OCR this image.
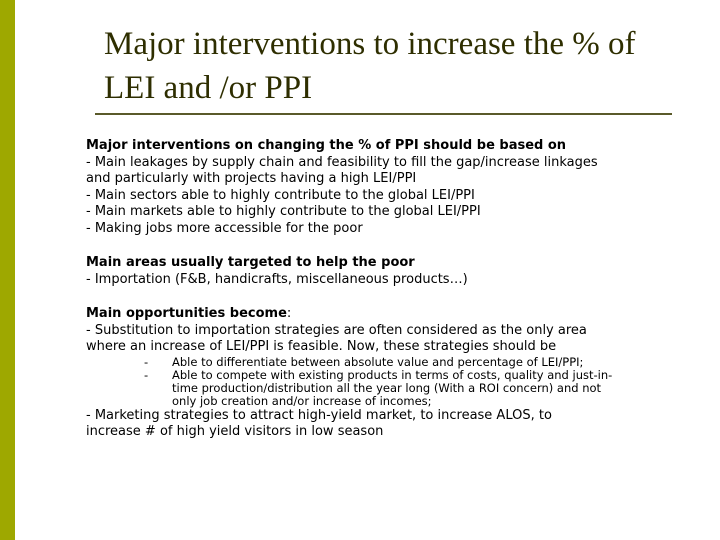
Major interventions to increase the % of
LEI and /or PPI
Major interventions on changing the % of PPI should be based on
- Main leakages by supply chain and feasibility to fill the gap/increase linkages
and particularly with projects having a high LEI/PPI
- Main sectors able to highly contribute to the global LEI/PPI
- Main markets able to highly contribute to the global LEI/PPI
- Making jobs more accessible for the poor
Main areas usually targeted to help the poor
- Importation (F&B, handicrafts, miscellaneous products…)
Main opportunities become:
- Substitution to importation strategies are often considered as the only area
where an increase of LEI/PPI is feasible. Now, these strategies should be
-	Able to differentiate between absolute value and percentage of LEI/PPI;
-	Able to compete with existing products in terms of costs, quality and just-in-
time production/distribution all the year long (With a ROI concern) and not
only job creation and/or increase of incomes;
- Marketing strategies to attract high-yield market, to increase ALOS, to
increase # of high yield visitors in low season
